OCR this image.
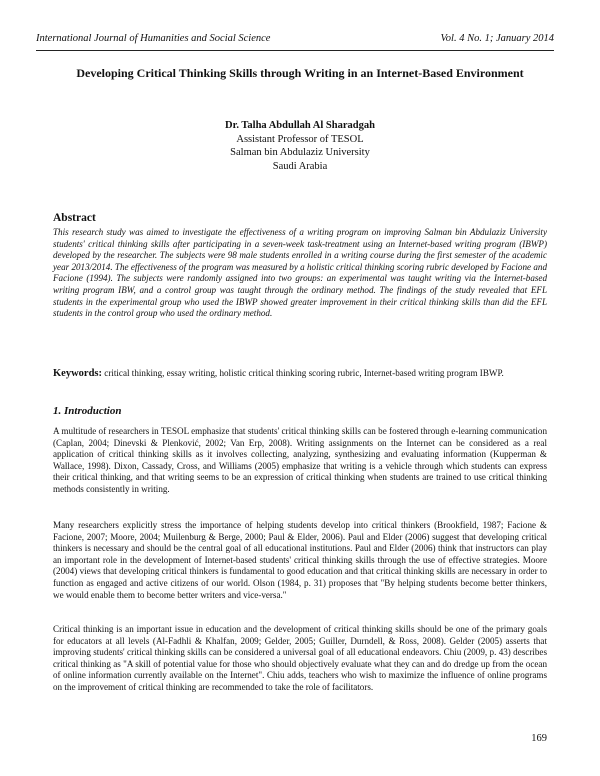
International Journal of Humanities and Social Science	Vol. 4 No. 1; January 2014
Developing Critical Thinking Skills through Writing in an Internet-Based Environment
Dr. Talha Abdullah Al Sharadgah
Assistant Professor of TESOL
Salman bin Abdulaziz University
Saudi Arabia
Abstract
This research study was aimed to investigate the effectiveness of a writing program on improving Salman bin Abdulaziz University students' critical thinking skills after participating in a seven-week task-treatment using an Internet-based writing program (IBWP) developed by the researcher. The subjects were 98 male students enrolled in a writing course during the first semester of the academic year 2013/2014. The effectiveness of the program was measured by a holistic critical thinking scoring rubric developed by Facione and Facione (1994). The subjects were randomly assigned into two groups: an experimental was taught writing via the Internet-based writing program IBW, and a control group was taught through the ordinary method. The findings of the study revealed that EFL students in the experimental group who used the IBWP showed greater improvement in their critical thinking skills than did the EFL students in the control group who used the ordinary method.
Keywords: critical thinking, essay writing, holistic critical thinking scoring rubric, Internet-based writing program IBWP.
1. Introduction
A multitude of researchers in TESOL emphasize that students' critical thinking skills can be fostered through e-learning communication (Caplan, 2004; Dinevski & Plenković, 2002; Van Erp, 2008). Writing assignments on the Internet can be considered as a real application of critical thinking skills as it involves collecting, analyzing, synthesizing and evaluating information (Kupperman & Wallace, 1998). Dixon, Cassady, Cross, and Williams (2005) emphasize that writing is a vehicle through which students can express their critical thinking, and that writing seems to be an expression of critical thinking when students are trained to use critical thinking methods consistently in writing.
Many researchers explicitly stress the importance of helping students develop into critical thinkers (Brookfield, 1987; Facione & Facione, 2007; Moore, 2004; Muilenburg & Berge, 2000; Paul & Elder, 2006). Paul and Elder (2006) suggest that developing critical thinkers is necessary and should be the central goal of all educational institutions. Paul and Elder (2006) think that instructors can play an important role in the development of Internet-based students' critical thinking skills through the use of effective strategies. Moore (2004) views that developing critical thinkers is fundamental to good education and that critical thinking skills are necessary in order to function as engaged and active citizens of our world. Olson (1984, p. 31) proposes that "By helping students become better thinkers, we would enable them to become better writers and vice-versa."
Critical thinking is an important issue in education and the development of critical thinking skills should be one of the primary goals for educators at all levels (Al-Fadhli & Khalfan, 2009; Gelder, 2005; Guiller, Durndell, & Ross, 2008). Gelder (2005) asserts that improving students' critical thinking skills can be considered a universal goal of all educational endeavors. Chiu (2009, p. 43) describes critical thinking as "A skill of potential value for those who should objectively evaluate what they can and do dredge up from the ocean of online information currently available on the Internet". Chiu adds, teachers who wish to maximize the influence of online programs on the improvement of critical thinking are recommended to take the role of facilitators.
169
